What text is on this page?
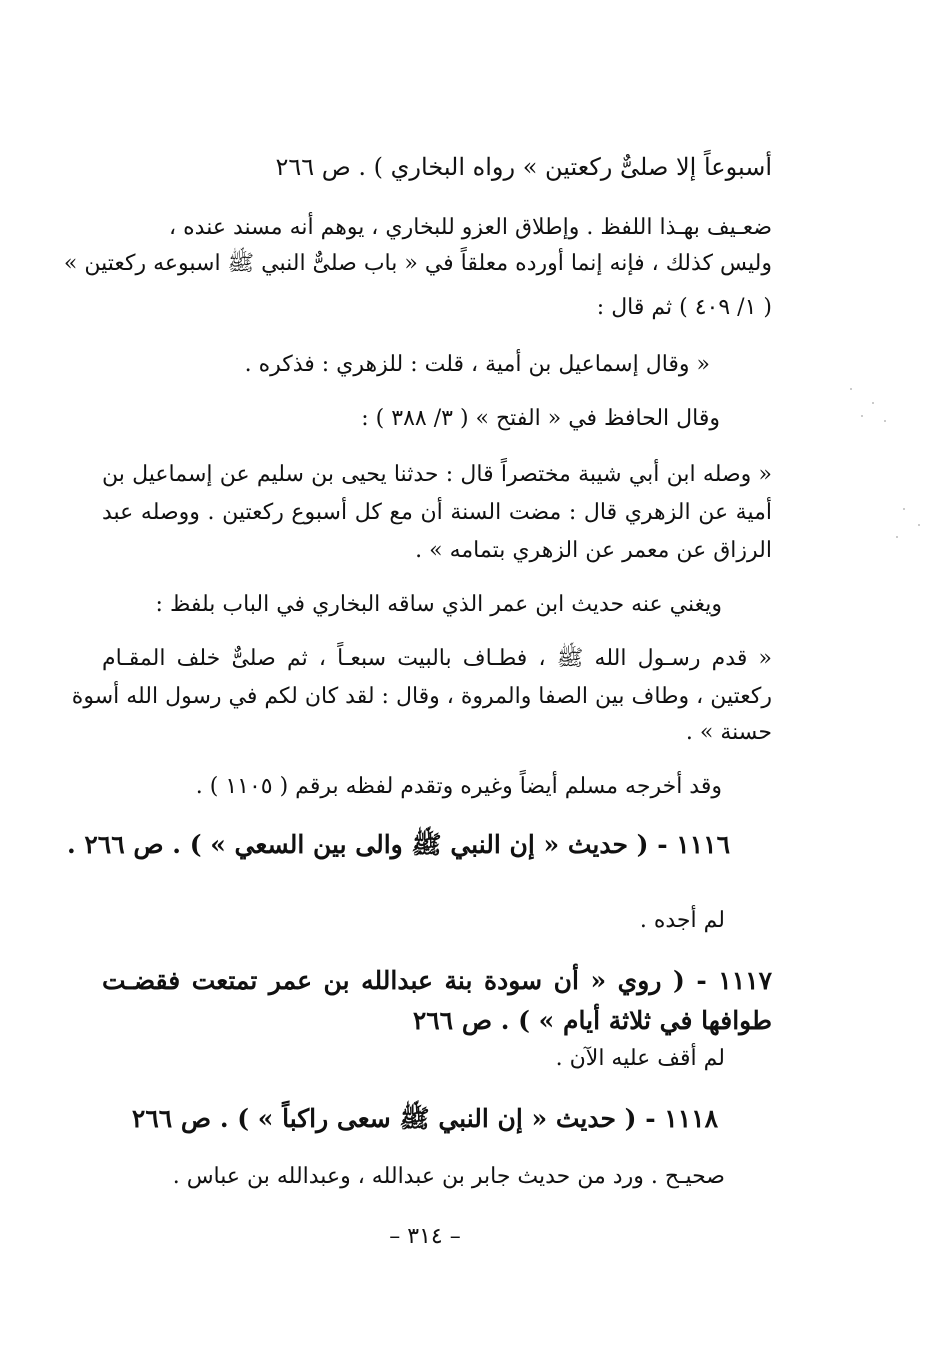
أسبوعاً إلا صلىٌّ ركعتين » رواه البخاري ) . ص ٢٦٦
ضعـيف بهـذا اللفظ . وإطلاق العزو للبخاري ، يوهم أنه مسند عنده ،
وليس كذلك ، فإنه إنما أورده معلقاً في « باب صلىٌّ النبي ﷺ اسبوعه ركعتين »
( ١/ ٤٠٩ ) ثم قال :
« وقال إسماعيل بن أمية ، قلت : للزهري : فذكره .
وقال الحافظ في « الفتح » ( ٣/ ٣٨٨ ) :
« وصله ابن أبي شيبة مختصراً قال : حدثنا يحيى بن سليم عن إسماعيل بن
أمية عن الزهري قال : مضت السنة أن مع كل أسبوع ركعتين . ووصله عبد
الرزاق عن معمر عن الزهري بتمامه » .
ويغني عنه حديث ابن عمر الذي ساقه البخاري في الباب بلفظ :
« قدم رسـول الله ﷺ ، فطـاف بالبيت سبعـاً ، ثم صلىٌّ خلف المقـام
ركعتين ، وطاف بين الصفا والمروة ، وقال : لقد كان لكم في رسول الله أسوة
حسنة » .
وقد أخرجه مسلم أيضاً وغيره وتقدم لفظه برقم ( ١١٠٥ ) .
١١١٦ - ( حديث « إن النبي ﷺ والى بين السعي » ) . ص ٢٦٦ .
لم أجده .
١١١٧ - ( روي « أن سودة بنة عبدالله بن عمر تمتعت فقضـت
طوافها في ثلاثة أيام » ) . ص ٢٦٦
لم أقف عليه الآن .
١١١٨ - ( حديث « إن النبي ﷺ سعى راكباً » ) . ص ٢٦٦
صحيـح . ورد من حديث جابر بن عبدالله ، وعبدالله بن عباس .
– ٣١٤ –
